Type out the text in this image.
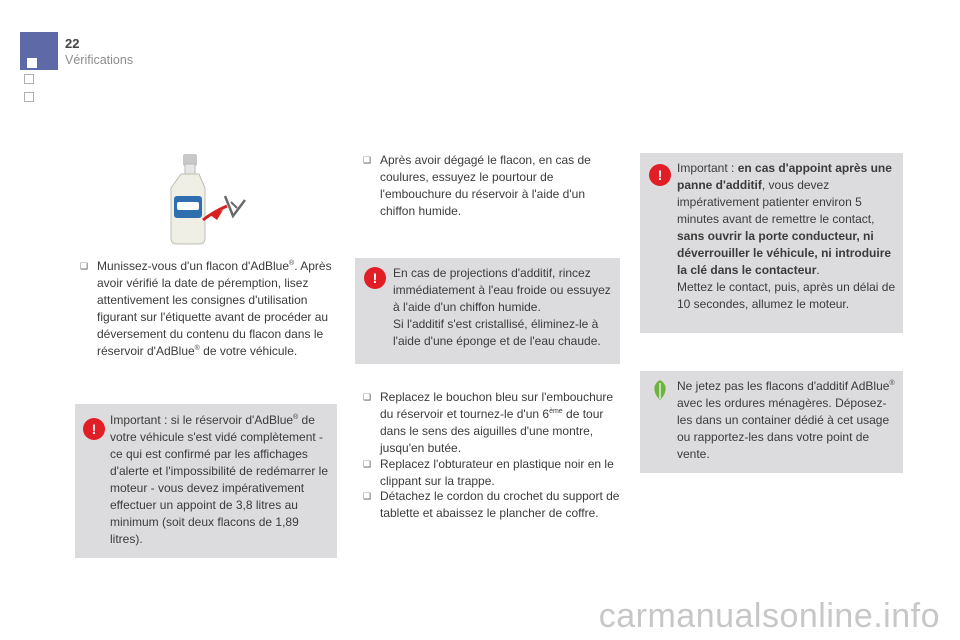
22
Vérifications
❑ Munissez-vous d'un flacon d'AdBlue®. Après avoir vérifié la date de péremption, lisez attentivement les consignes d'utilisation figurant sur l'étiquette avant de procéder au déversement du contenu du flacon dans le réservoir d'AdBlue® de votre véhicule.
!
Important : si le réservoir d'AdBlue® de votre véhicule s'est vidé complètement - ce qui est confirmé par les affichages d'alerte et l'impossibilité de redémarrer le moteur - vous devez impérativement effectuer un appoint de 3,8 litres au minimum (soit deux flacons de 1,89 litres).
❑ Après avoir dégagé le flacon, en cas de coulures, essuyez le pourtour de l'embouchure du réservoir à l'aide d'un chiffon humide.
!	En cas de projections d'additif, rincez immédiatement à l'eau froide ou essuyez à l'aide d'un chiffon humide.
Si l'additif s'est cristallisé, éliminez-le à l'aide d'une éponge et de l'eau chaude.
❑ Replacez le bouchon bleu sur l'embouchure du réservoir et tournez-le d'un 6ème de tour dans le sens des aiguilles d'une montre, jusqu'en butée.
❑ Replacez l'obturateur en plastique noir en le clippant sur la trappe.
❑ Détachez le cordon du crochet du support de tablette et abaissez le plancher de coffre.
!	Important : en cas d'appoint après une panne d'additif, vous devez impérativement patienter environ 5 minutes avant de remettre le contact, sans ouvrir la porte conducteur, ni déverrouiller le véhicule, ni introduire la clé dans le contacteur.
Mettez le contact, puis, après un délai de 10 secondes, allumez le moteur.
Ne jetez pas les flacons d'additif AdBlue® avec les ordures ménagères. Déposez-les dans un container dédié à cet usage ou rapportez-les dans votre point de vente.
carmanualsonline.info
